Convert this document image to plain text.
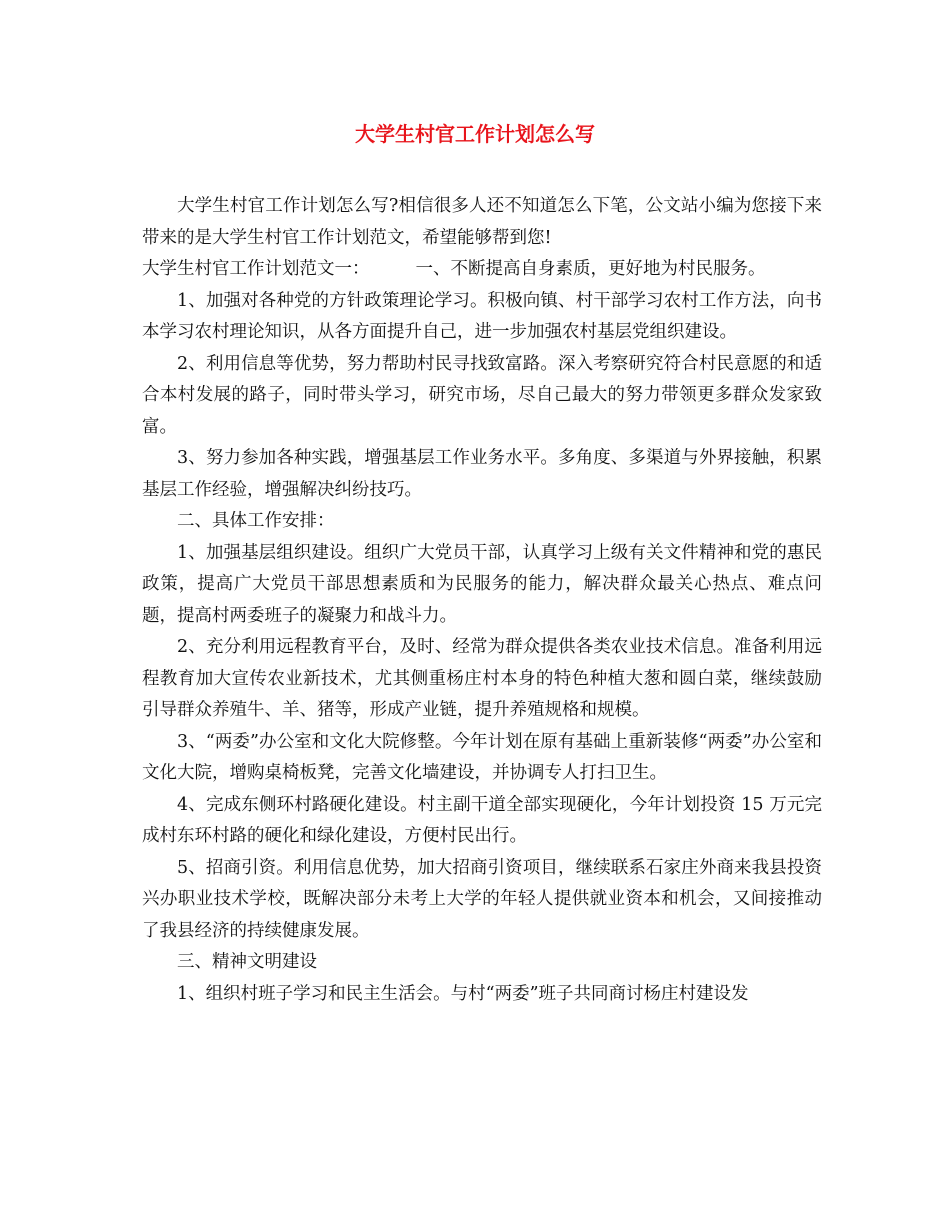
大学生村官工作计划怎么写

大学生村官工作计划怎么写?相信很多人还不知道怎么下笔，公文站小编为您接下来带来的是大学生村官工作计划范文，希望能够帮到您!

大学生村官工作计划范文一：	一、不断提高自身素质，更好地为村民服务。

1、加强对各种党的方针政策理论学习。积极向镇、村干部学习农村工作方法，向书本学习农村理论知识，从各方面提升自己，进一步加强农村基层党组织建设。

2、利用信息等优势，努力帮助村民寻找致富路。深入考察研究符合村民意愿的和适合本村发展的路子，同时带头学习，研究市场，尽自己最大的努力带领更多群众发家致富。

3、努力参加各种实践，增强基层工作业务水平。多角度、多渠道与外界接触，积累基层工作经验，增强解决纠纷技巧。

二、具体工作安排：

1、加强基层组织建设。组织广大党员干部，认真学习上级有关文件精神和党的惠民政策，提高广大党员干部思想素质和为民服务的能力，解决群众最关心热点、难点问题，提高村两委班子的凝聚力和战斗力。

2、充分利用远程教育平台，及时、经常为群众提供各类农业技术信息。准备利用远程教育加大宣传农业新技术，尤其侧重杨庄村本身的特色种植大葱和圆白菜，继续鼓励引导群众养殖牛、羊、猪等，形成产业链，提升养殖规格和规模。

3、“两委”办公室和文化大院修整。今年计划在原有基础上重新装修“两委”办公室和文化大院，增购桌椅板凳，完善文化墙建设，并协调专人打扫卫生。

4、完成东侧环村路硬化建设。村主副干道全部实现硬化，今年计划投资 15 万元完成村东环村路的硬化和绿化建设，方便村民出行。

5、招商引资。利用信息优势，加大招商引资项目，继续联系石家庄外商来我县投资兴办职业技术学校，既解决部分未考上大学的年轻人提供就业资本和机会，又间接推动了我县经济的持续健康发展。

三、精神文明建设

1、组织村班子学习和民主生活会。与村“两委”班子共同商讨杨庄村建设发
